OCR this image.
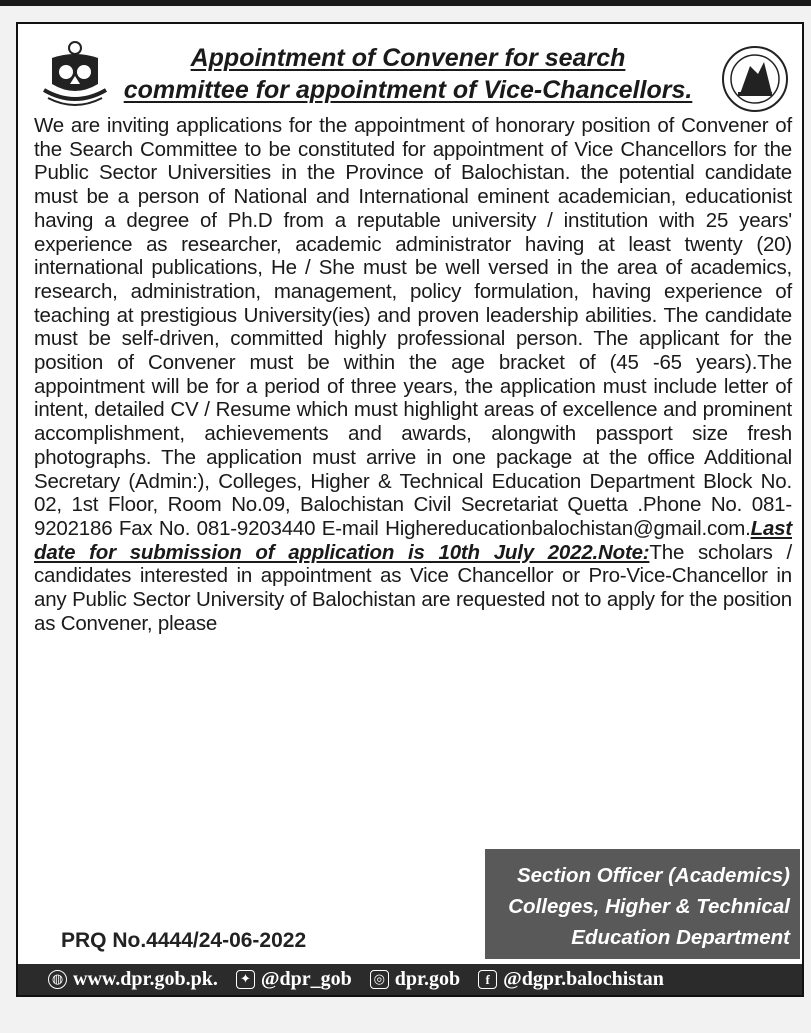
Appointment of Convener for search
committee for appointment of Vice-Chancellors.
We are inviting applications for the appointment of honorary position of Convener of the Search Committee to be constituted for appointment of Vice Chancellors for the Public Sector Universities in the Province of Balochistan. the potential candidate must be a person of National and International eminent academician, educationist having a degree of Ph.D from a reputable university / institution with 25 years' experience as researcher, academic administrator having at least twenty (20) international publications, He / She must be well versed in the area of academics, research, administration, management, policy formulation, having experience of teaching at prestigious University(ies) and proven leadership abilities. The candidate must be self-driven, committed highly professional person. The applicant for the position of Convener must be within the age bracket of (45 -65 years).The appointment will be for a period of three years, the application must include letter of intent, detailed CV / Resume which must highlight areas of excellence and prominent accomplishment, achievements and awards, alongwith passport size fresh photographs. The application must arrive in one package at the office Additional Secretary (Admin:), Colleges, Higher & Technical Education Department Block No. 02, 1st Floor, Room No.09, Balochistan Civil Secretariat Quetta .Phone No. 081-9202186 Fax No. 081-9203440 E-mail Highereducationbalochistan@gmail.com.Last date for submission of application is 10th July 2022.Note:The scholars / candidates interested in appointment as Vice Chancellor or Pro-Vice-Chancellor in any Public Sector University of Balochistan are requested not to apply for the position as Convener, please
Section Officer (Academics)
Colleges, Higher & Technical
Education Department
PRQ No.4444/24-06-2022
◍ www.dpr.gob.pk.	✦ @dpr_gob ◎ dpr.gob	f @dgpr.balochistan
